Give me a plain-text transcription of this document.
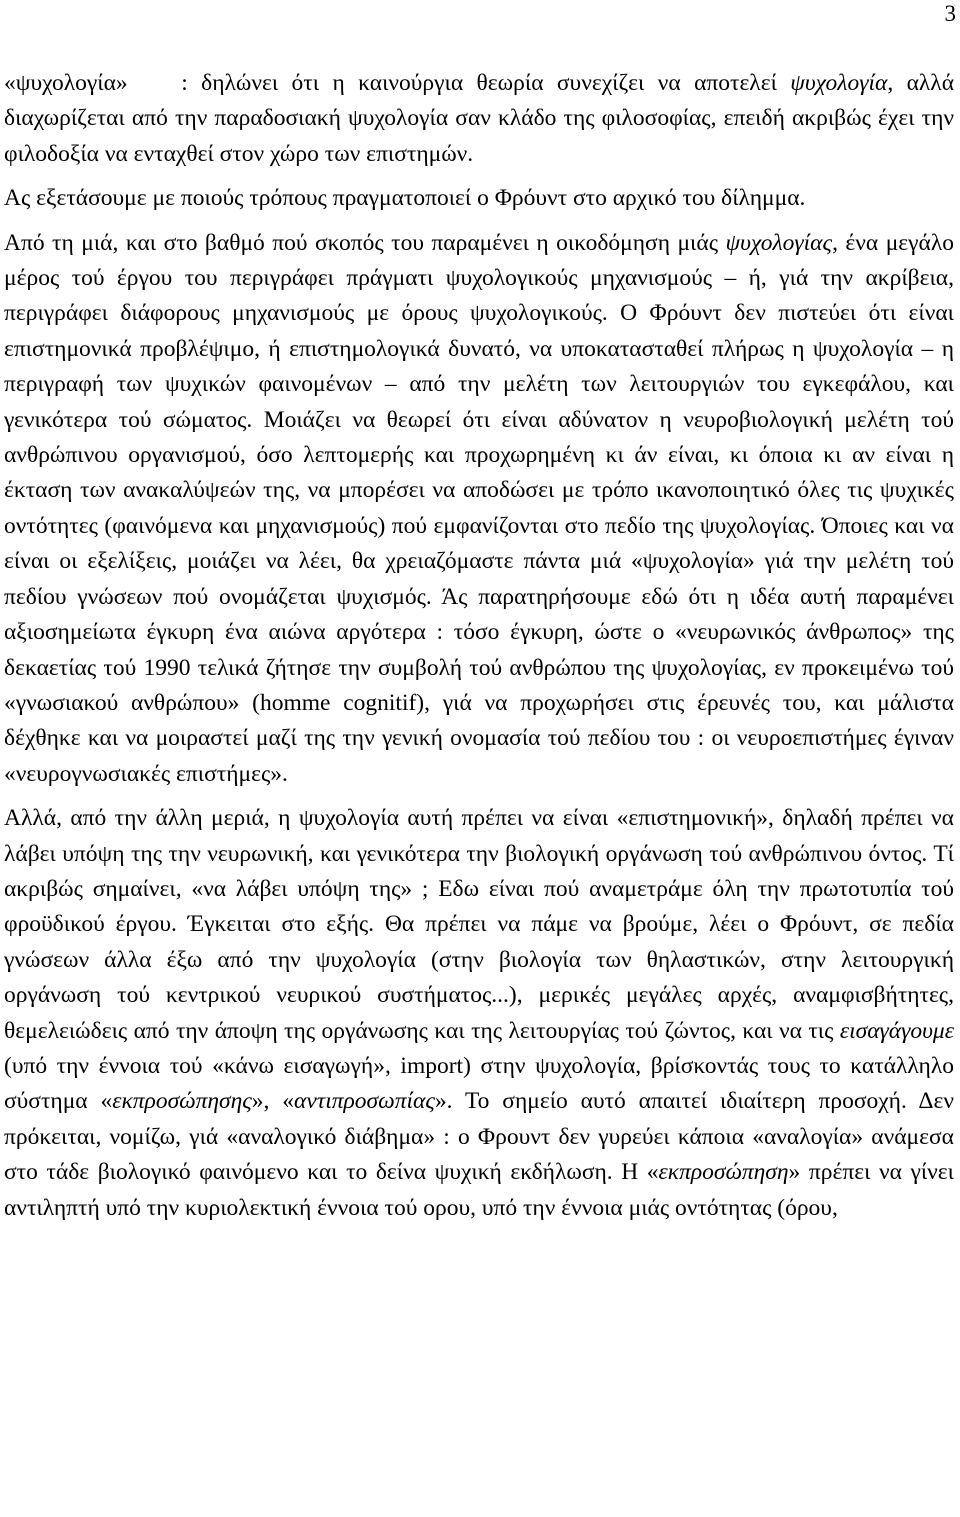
3

«ψυχολογία»    : δηλώνει ότι η καινούργια θεωρία συνεχίζει να αποτελεί ψυχολογία, αλλά διαχωρίζεται από την παραδοσιακή ψυχολογία σαν κλάδο της φιλοσοφίας, επειδή ακριβώς έχει την φιλοδοξία να ενταχθεί στον χώρο των επιστημών.

Ας εξετάσουμε με ποιούς τρόπους πραγματοποιεί ο Φρόυντ στο αρχικό του δίλημμα.

Από τη μιά, και στο βαθμό πού σκοπός του παραμένει η οικοδόμηση μιάς ψυχολογίας, ένα μεγάλο μέρος τού έργου του περιγράφει πράγματι ψυχολογικούς μηχανισμούς – ή, γιά την ακρίβεια, περιγράφει διάφορους μηχανισμούς με όρους ψυχολογικούς. Ο Φρόυντ δεν πιστεύει ότι είναι επιστημονικά προβλέψιμο, ή επιστημολογικά δυνατό, να υποκατασταθεί πλήρως η ψυχολογία – η περιγραφή των ψυχικών φαινομένων – από την μελέτη των λειτουργιών του εγκεφάλου, και γενικότερα τού σώματος. Μοιάζει να θεωρεί ότι είναι αδύνατον η νευροβιολογική μελέτη τού ανθρώπινου οργανισμού, όσο λεπτομερής και προχωρημένη κι άν είναι, κι όποια κι αν είναι η έκταση των ανακαλύψεών της, να μπορέσει να αποδώσει με τρόπο ικανοποιητικό όλες τις ψυχικές οντότητες (φαινόμενα και μηχανισμούς) πού εμφανίζονται στο πεδίο της ψυχολογίας. Όποιες και να είναι οι εξελίξεις, μοιάζει να λέει, θα χρειαζόμαστε πάντα μιά «ψυχολογία» γιά την μελέτη τού πεδίου γνώσεων πού ονομάζεται ψυχισμός. Άς παρατηρήσουμε εδώ ότι η ιδέα αυτή παραμένει αξιοσημείωτα έγκυρη ένα αιώνα αργότερα : τόσο έγκυρη, ώστε ο «νευρωνικός άνθρωπος» της δεκαετίας τού 1990 τελικά ζήτησε την συμβολή τού ανθρώπου της ψυχολογίας, εν προκειμένω τού «γνωσιακού ανθρώπου» (homme cognitif), γιά να προχωρήσει στις έρευνές του, και μάλιστα δέχθηκε και να μοιραστεί μαζί της την γενική ονομασία τού πεδίου του : οι νευροεπιστήμες έγιναν «νευρογνωσιακές επιστήμες».

Αλλά, από την άλλη μεριά, η ψυχολογία αυτή πρέπει να είναι «επιστημονική», δηλαδή πρέπει να λάβει υπόψη της την νευρωνική, και γενικότερα την βιολογική οργάνωση τού ανθρώπινου όντος. Τί ακριβώς σημαίνει, «να λάβει υπόψη της» ; Εδω είναι πού αναμετράμε όλη την πρωτοτυπία τού φροϋδικού έργου. Έγκειται στο εξής. Θα πρέπει να πάμε να βρούμε, λέει ο Φρόυντ, σε πεδία γνώσεων άλλα έξω από την ψυχολογία (στην βιολογία των θηλαστικών, στην λειτουργική οργάνωση τού κεντρικού νευρικού συστήματος...), μερικές μεγάλες αρχές, αναμφισβήτητες, θεμελειώδεις από την άποψη της οργάνωσης και της λειτουργίας τού ζώντος, και να τις εισαγάγουμε (υπό την έννοια τού «κάνω εισαγωγή», import) στην ψυχολογία, βρίσκοντάς τους το κατάλληλο σύστημα «εκπροσώπησης», «αντιπροσωπίας». Το σημείο αυτό απαιτεί ιδιαίτερη προσοχή. Δεν πρόκειται, νομίζω, γιά «αναλογικό διάβημα» : ο Φρουντ δεν γυρεύει κάποια «αναλογία» ανάμεσα στο τάδε βιολογικό φαινόμενο και το δείνα ψυχική εκδήλωση. Η «εκπροσώπηση» πρέπει να γίνει αντιληπτή υπό την κυριολεκτική έννοια τού ορου, υπό την έννοια μιάς οντότητας (όρου,
